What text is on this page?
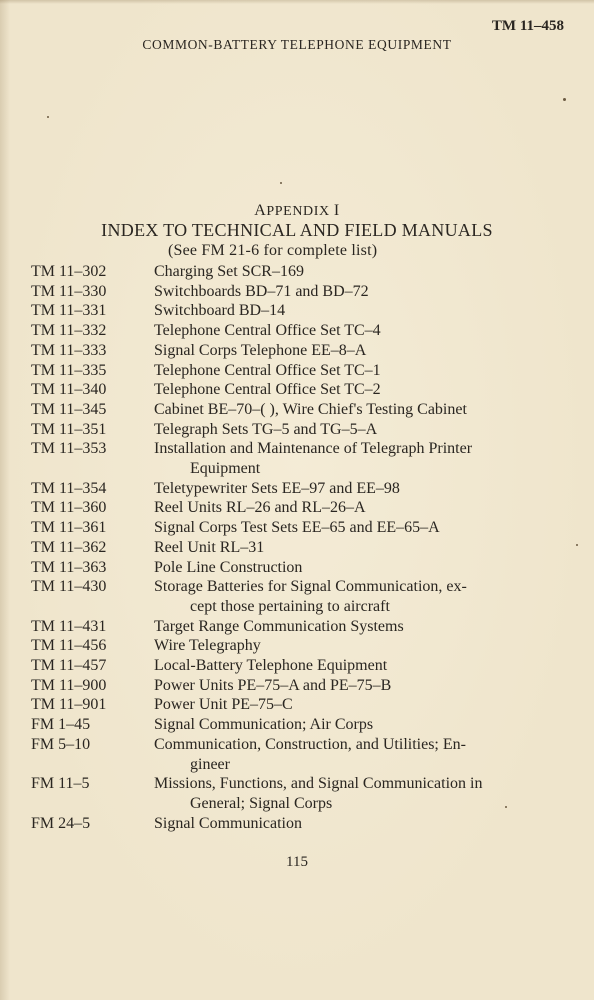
TM 11–458
COMMON-BATTERY TELEPHONE EQUIPMENT
APPENDIX I
INDEX TO TECHNICAL AND FIELD MANUALS
(See FM 21-6 for complete list)
TM 11–302	Charging Set SCR–169
TM 11–330	Switchboards BD–71 and BD–72
TM 11–331	Switchboard BD–14
TM 11–332	Telephone Central Office Set TC–4
TM 11–333	Signal Corps Telephone EE–8–A
TM 11–335	Telephone Central Office Set TC–1
TM 11–340	Telephone Central Office Set TC–2
TM 11–345	Cabinet BE–70–( ), Wire Chief's Testing Cabinet
TM 11–351	Telegraph Sets TG–5 and TG–5–A
TM 11–353	Installation and Maintenance of Telegraph Printer
Equipment
TM 11–354	Teletypewriter Sets EE–97 and EE–98
TM 11–360	Reel Units RL–26 and RL–26–A
TM 11–361	Signal Corps Test Sets EE–65 and EE–65–A
TM 11–362	Reel Unit RL–31
TM 11–363	Pole Line Construction
TM 11–430	Storage Batteries for Signal Communication, ex-
cept those pertaining to aircraft
TM 11–431	Target Range Communication Systems
TM 11–456	Wire Telegraphy
TM 11–457	Local-Battery Telephone Equipment
TM 11–900	Power Units PE–75–A and PE–75–B
TM 11–901	Power Unit PE–75–C
FM 1–45	Signal Communication; Air Corps
FM 5–10	Communication, Construction, and Utilities; En-
gineer
FM 11–5	Missions, Functions, and Signal Communication in
General; Signal Corps
FM 24–5	Signal Communication
115
